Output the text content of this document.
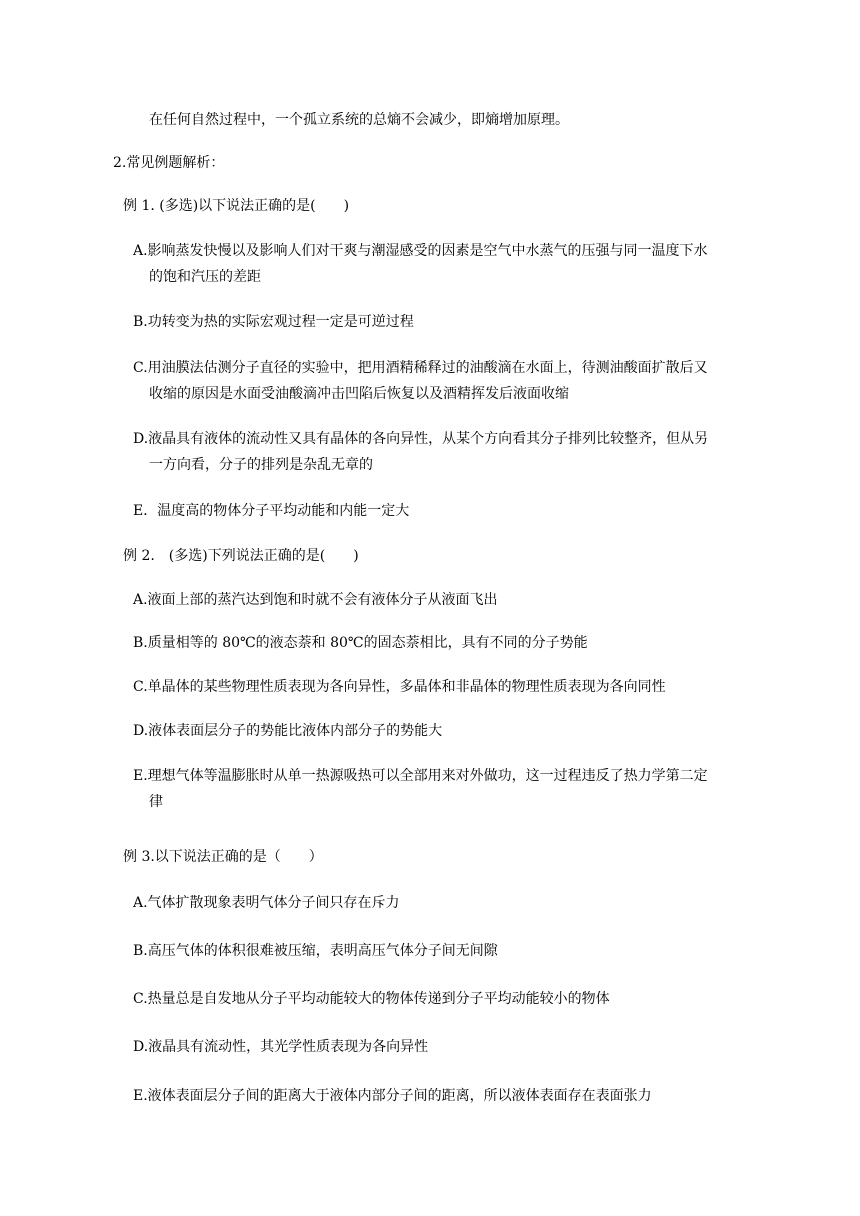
在任何自然过程中，一个孤立系统的总熵不会减少，即熵增加原理。
2.常见例题解析：
例 1. (多选)以下说法正确的是(　　)
A.影响蒸发快慢以及影响人们对干爽与潮湿感受的因素是空气中水蒸气的压强与同一温度下水
的饱和汽压的差距
B.功转变为热的实际宏观过程一定是可逆过程
C.用油膜法估测分子直径的实验中，把用酒精稀释过的油酸滴在水面上，待测油酸面扩散后又
收缩的原因是水面受油酸滴冲击凹陷后恢复以及酒精挥发后液面收缩
D.液晶具有液体的流动性又具有晶体的各向异性，从某个方向看其分子排列比较整齐，但从另
一方向看，分子的排列是杂乱无章的
E．温度高的物体分子平均动能和内能一定大
例 2.　(多选)下列说法正确的是(　　)
A.液面上部的蒸汽达到饱和时就不会有液体分子从液面飞出
B.质量相等的 80℃的液态萘和 80℃的固态萘相比，具有不同的分子势能
C.单晶体的某些物理性质表现为各向异性，多晶体和非晶体的物理性质表现为各向同性
D.液体表面层分子的势能比液体内部分子的势能大
E.理想气体等温膨胀时从单一热源吸热可以全部用来对外做功，这一过程违反了热力学第二定
律
例 3.以下说法正确的是（　　）
A.气体扩散现象表明气体分子间只存在斥力
B.高压气体的体积很难被压缩，表明高压气体分子间无间隙
C.热量总是自发地从分子平均动能较大的物体传递到分子平均动能较小的物体
D.液晶具有流动性，其光学性质表现为各向异性
E.液体表面层分子间的距离大于液体内部分子间的距离，所以液体表面存在表面张力
